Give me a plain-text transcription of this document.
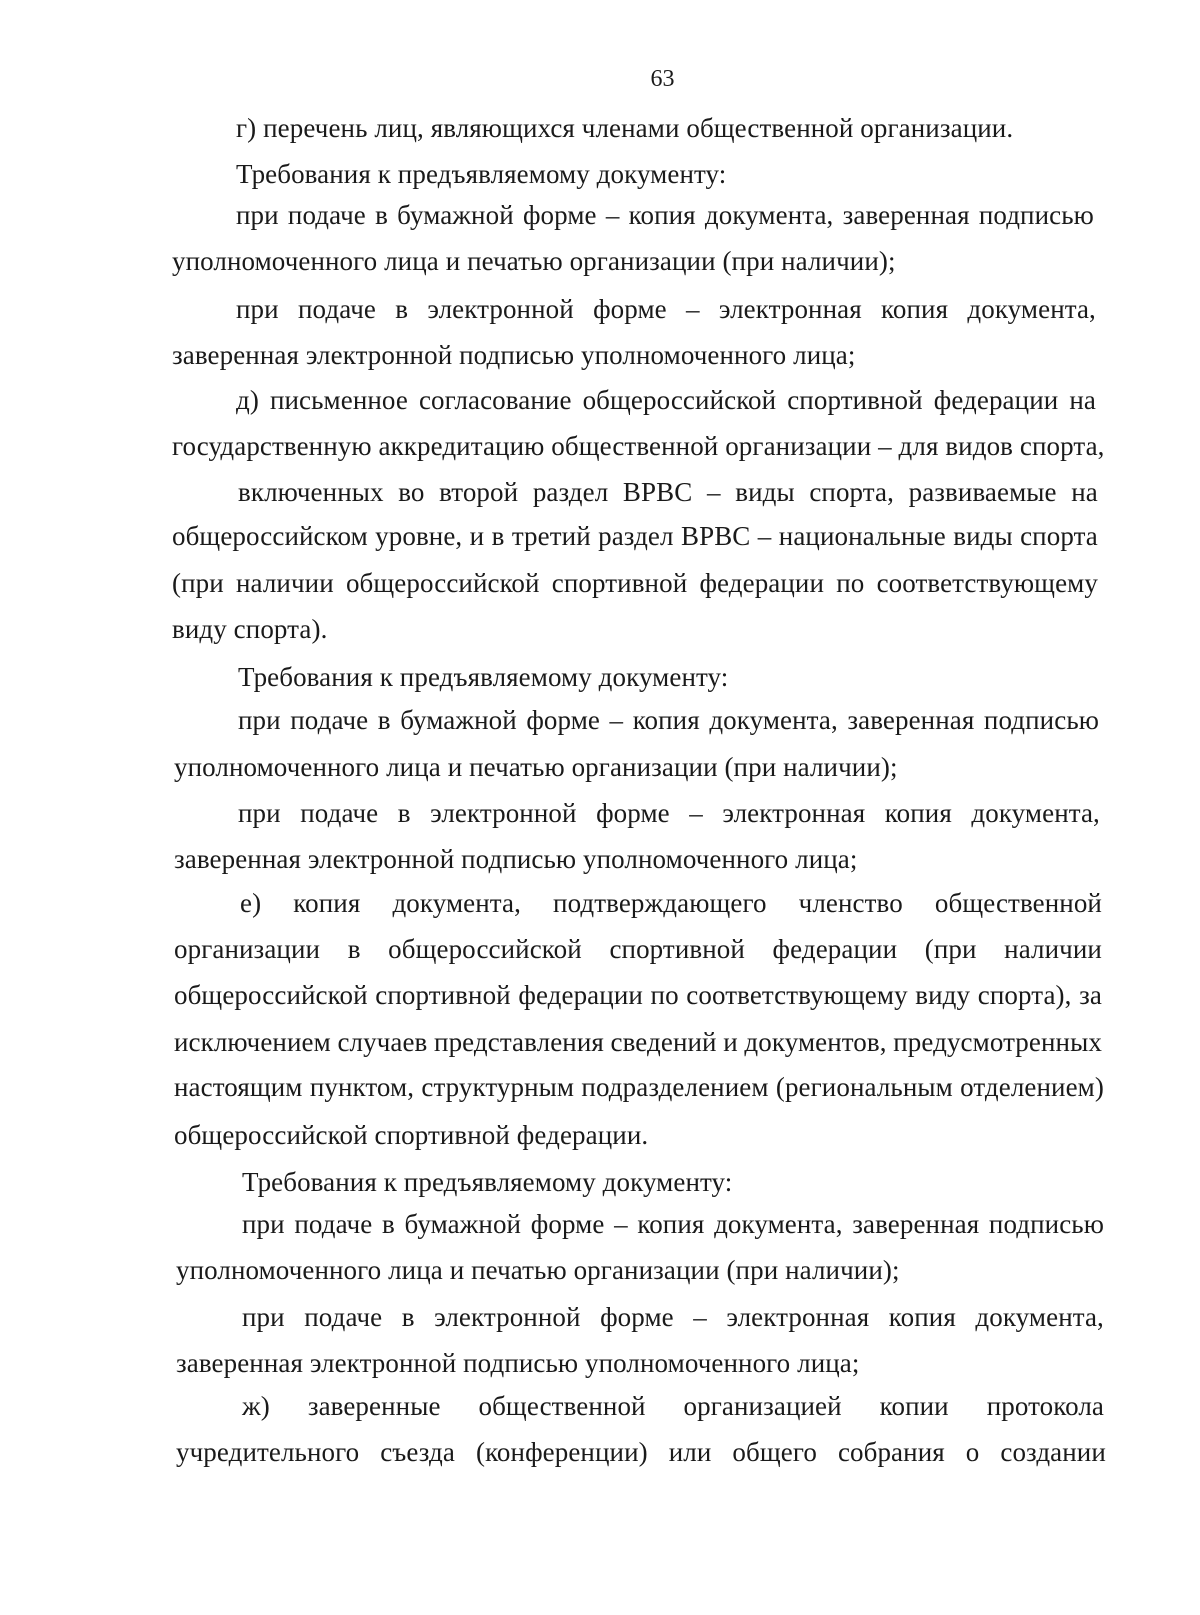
63
г) перечень лиц, являющихся членами общественной организации.
Требования к предъявляемому документу:
при подаче в бумажной форме – копия документа, заверенная подписью
уполномоченного лица и печатью организации (при наличии);
при подаче в электронной форме – электронная копия документа,
заверенная электронной подписью уполномоченного лица;
д) письменное согласование общероссийской спортивной федерации на
государственную аккредитацию общественной организации – для видов спорта,
включенных во второй раздел ВРВС – виды спорта, развиваемые на
общероссийском уровне, и в третий раздел ВРВС – национальные виды спорта
(при наличии общероссийской спортивной федерации по соответствующему
виду спорта).
Требования к предъявляемому документу:
при подаче в бумажной форме – копия документа, заверенная подписью
уполномоченного лица и печатью организации (при наличии);
при подаче в электронной форме – электронная копия документа,
заверенная электронной подписью уполномоченного лица;
е) копия документа, подтверждающего членство общественной
организации в общероссийской спортивной федерации (при наличии
общероссийской спортивной федерации по соответствующему виду спорта), за
исключением случаев представления сведений и документов, предусмотренных
настоящим пунктом, структурным подразделением (региональным отделением)
общероссийской спортивной федерации.
Требования к предъявляемому документу:
при подаче в бумажной форме – копия документа, заверенная подписью
уполномоченного лица и печатью организации (при наличии);
при подаче в электронной форме – электронная копия документа,
заверенная электронной подписью уполномоченного лица;
ж) заверенные общественной организацией копии протокола
учредительного съезда (конференции) или общего собрания о создании
